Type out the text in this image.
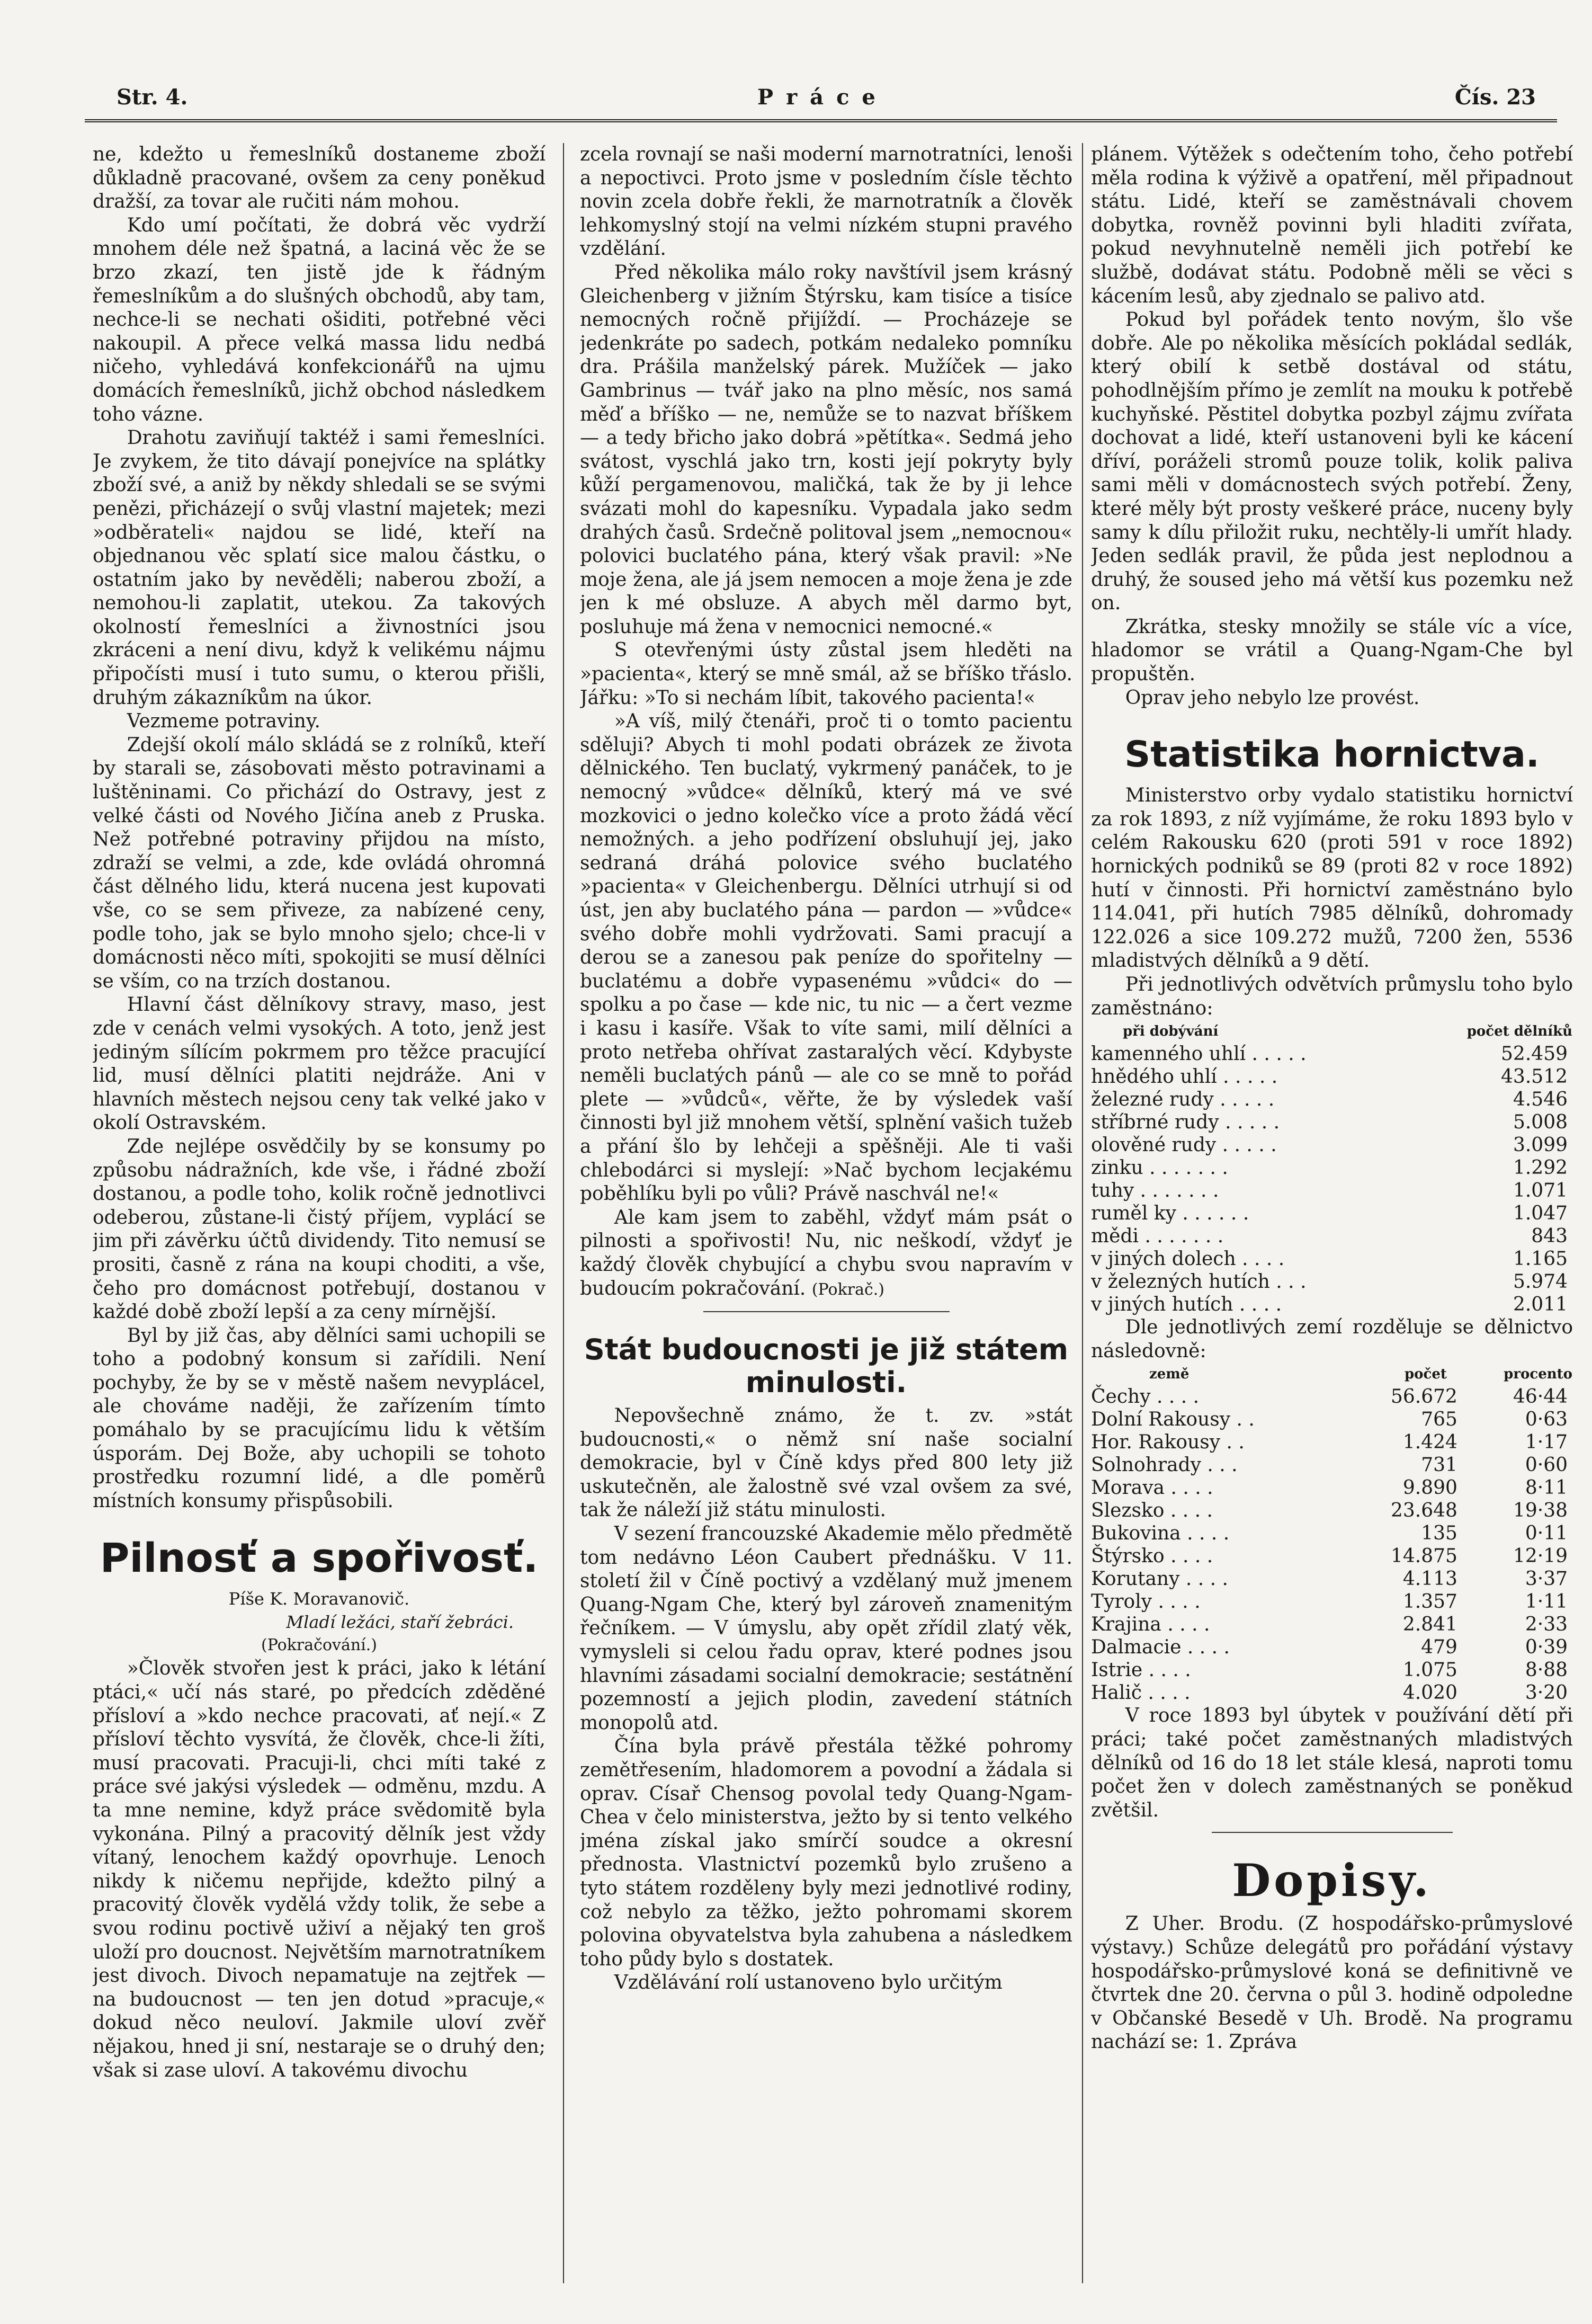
Str. 4.	Práce	Čís. 23

ne, kdežto u řemeslníků dostaneme zboží důkladně pracované, ovšem za ceny poněkud dražší, za tovar ale ručiti nám mohou.

Kdo umí počítati, že dobrá věc vydrží mnohem déle než špatná, a laciná věc že se brzo zkazí, ten jistě jde k řádným řemeslníkům a do slušných obchodů, aby tam, nechce-li se nechati ošiditi, potřebné věci nakoupil. A přece velká massa lidu nedbá ničeho, vyhledává konfekcionářů na ujmu domácích řemeslníků, jichž obchod následkem toho vázne.

Drahotu zaviňují taktéž i sami řemeslníci. Je zvykem, že tito dávají ponejvíce na splátky zboží své, a aniž by někdy shledali se se svými penězi, přicházejí o svůj vlastní majetek; mezi »odběrateli« najdou se lidé, kteří na objednanou věc splatí sice malou částku, o ostatním jako by nevěděli; naberou zboží, a nemohou-li zaplatit, utekou. Za takových okolností řemeslníci a živnostníci jsou zkráceni a není divu, když k velikému nájmu připočísti musí i tuto sumu, o kterou přišli, druhým zákazníkům na úkor.

Vezmeme potraviny.

Zdejší okolí málo skládá se z rolníků, kteří by starali se, zásobovati město potravinami a luštěninami. Co přichází do Ostravy, jest z velké části od Nového Jičína aneb z Pruska. Než potřebné potraviny přijdou na místo, zdraží se velmi, a zde, kde ovládá ohromná část dělného lidu, která nucena jest kupovati vše, co se sem přiveze, za nabízené ceny, podle toho, jak se bylo mnoho sjelo; chce-li v domácnosti něco míti, spokojiti se musí dělníci se vším, co na trzích dostanou.

Hlavní část dělníkovy stravy, maso, jest zde v cenách velmi vysokých. A toto, jenž jest jediným sílícím pokrmem pro těžce pracující lid, musí dělníci platiti nejdráže. Ani v hlavních městech nejsou ceny tak velké jako v okolí Ostravském.

Zde nejlépe osvědčily by se konsumy po způsobu nádražních, kde vše, i řádné zboží dostanou, a podle toho, kolik ročně jednotlivci odeberou, zůstane-li čistý příjem, vyplácí se jim při závěrku účtů dividendy. Tito nemusí se prositi, časně z rána na koupi choditi, a vše, čeho pro domácnost potřebují, dostanou v každé době zboží lepší a za ceny mírnější.

Byl by již čas, aby dělníci sami uchopili se toho a podobný konsum si zařídili. Není pochyby, že by se v městě našem nevyplácel, ale chováme naději, že zařízením tímto pomáhalo by se pracujícímu lidu k větším úsporám. Dej Bože, aby uchopili se tohoto prostředku rozumní lidé, a dle poměrů místních konsumy přispůsobili.

Pilnosť a spořivosť.
Píše K. Moravanovič.
Mladí ležáci, staří žebráci.
(Pokračování.)

»Člověk stvořen jest k práci, jako k létání ptáci,« učí nás staré, po předcích zděděné přísloví a »kdo nechce pracovati, ať nejí.« Z přísloví těchto vysvítá, že člověk, chce-li žíti, musí pracovati. Pracuji-li, chci míti také z práce své jakýsi výsledek — odměnu, mzdu. A ta mne nemine, když práce svědomitě byla vykonána. Pilný a pracovitý dělník jest vždy vítaný, lenochem každý opovrhuje. Lenoch nikdy k ničemu nepřijde, kdežto pilný a pracovitý člověk vydělá vždy tolik, že sebe a svou rodinu poctivě uživí a nějaký ten groš uloží pro doucnost. Největším marnotratníkem jest divoch. Divoch nepamatuje na zejtřek — na budoucnost — ten jen dotud »pracuje,« dokud něco neuloví. Jakmile uloví zvěř nějakou, hned ji sní, nestaraje se o druhý den; však si zase uloví. A takovému divochu

zcela rovnají se naši moderní marnotratníci, lenoši a nepoctivci. Proto jsme v posledním čísle těchto novin zcela dobře řekli, že marnotratník a člověk lehkomyslný stojí na velmi nízkém stupni pravého vzdělání.

Před několika málo roky navštívil jsem krásný Gleichenberg v jižním Štýrsku, kam tisíce a tisíce nemocných ročně přijíždí. — Procházeje se jedenkráte po sadech, potkám nedaleko pomníku dra. Prášila manželský párek. Mužíček — jako Gambrinus — tvář jako na plno měsíc, nos samá měď a bříško — ne, nemůže se to nazvat bříškem — a tedy břicho jako dobrá »pětítka«. Sedmá jeho svátost, vyschlá jako trn, kosti její pokryty byly kůží pergamenovou, maličká, tak že by ji lehce svázati mohl do kapesníku. Vypadala jako sedm drahých časů. Srdečně politoval jsem „nemocnou« polovici buclatého pána, který však pravil: »Ne moje žena, ale já jsem nemocen a moje žena je zde jen k mé obsluze. A abych měl darmo byt, posluhuje má žena v nemocnici nemocné.«

S otevřenými ústy zůstal jsem hleděti na »pacienta«, který se mně smál, až se bříško třáslo. Jářku: »To si nechám líbit, takového pacienta!«

»A víš, milý čtenáři, proč ti o tomto pacientu sděluji? Abych ti mohl podati obrázek ze života dělnického. Ten buclatý, vykrmený panáček, to je nemocný »vůdce« dělníků, který má ve své mozkovici o jedno kolečko více a proto žádá věcí nemožných. a jeho podřízení obsluhují jej, jako sedraná dráhá polovice svého buclatého »pacienta« v Gleichenbergu. Dělníci utrhují si od úst, jen aby buclatého pána — pardon — »vůdce« svého dobře mohli vydržovati. Sami pracují a derou se a zanesou pak peníze do spořitelny — buclatému a dobře vypasenému »vůdci« do — spolku a po čase — kde nic, tu nic — a čert vezme i kasu i kasíře. Však to víte sami, milí dělníci a proto netřeba ohřívat zastaralých věcí. Kdybyste neměli buclatých pánů — ale co se mně to pořád plete — »vůdců«, věřte, že by výsledek vaší činnosti byl již mnohem větší, splnění vašich tužeb a přání šlo by lehčeji a spěšněji. Ale ti vaši chlebodárci si myslejí: »Nač bychom lecjakému poběhlíku byli po vůli? Právě naschvál ne!«

Ale kam jsem to zaběhl, vždyť mám psát o pilnosti a spořivosti! Nu, nic neškodí, vždyť je každý člověk chybující a chybu svou napravím v budoucím pokračování. (Pokrač.)

Stát budoucnosti je již státem minulosti.

Nepovšechně známo, že t. zv. »stát budoucnosti,« o němž sní naše socialní demokracie, byl v Číně kdys před 800 lety již uskutečněn, ale žalostně své vzal ovšem za své, tak že náleží již státu minulosti.

V sezení francouzské Akademie mělo předmětě tom nedávno Léon Caubert přednášku. V 11. století žil v Číně poctivý a vzdělaný muž jmenem Quang-Ngam Che, který byl zároveň znamenitým řečníkem. — V úmyslu, aby opět zřídil zlatý věk, vymysleli si celou řadu oprav, které podnes jsou hlavními zásadami socialní demokracie; sestátnění pozemností a jejich plodin, zavedení státních monopolů atd.

Čína byla právě přestála těžké pohromy zemětřesením, hladomorem a povodní a žádala si oprav. Císař Chensog povolal tedy Quang-Ngam-Chea v čelo ministerstva, ježto by si tento velkého jména získal jako smírčí soudce a okresní přednosta. Vlastnictví pozemků bylo zrušeno a tyto státem rozděleny byly mezi jednotlivé rodiny, což nebylo za těžko, ježto pohromami skorem polovina obyvatelstva byla zahubena a následkem toho půdy bylo s dostatek.

Vzdělávání rolí ustanoveno bylo určitým

plánem. Výtěžek s odečtením toho, čeho potřebí měla rodina k výživě a opatření, měl připadnout státu. Lidé, kteří se zaměstnávali chovem dobytka, rovněž povinni byli hladiti zvířata, pokud nevyhnutelně neměli jich potřebí ke službě, dodávat státu. Podobně měli se věci s kácením lesů, aby zjednalo se palivo atd.

Pokud byl pořádek tento novým, šlo vše dobře. Ale po několika měsících pokládal sedlák, který obilí k setbě dostával od státu, pohodlnějším přímo je zemlít na mouku k potřebě kuchyňské. Pěstitel dobytka pozbyl zájmu zvířata dochovat a lidé, kteří ustanoveni byli ke kácení dříví, poráželi stromů pouze tolik, kolik paliva sami měli v domácnostech svých potřebí. Ženy, které měly být prosty veškeré práce, nuceny byly samy k dílu přiložit ruku, nechtěly-li umřít hlady. Jeden sedlák pravil, že půda jest neplodnou a druhý, že soused jeho má větší kus pozemku než on.

Zkrátka, stesky množily se stále víc a více, hladomor se vrátil a Quang-Ngam-Che byl propuštěn.

Oprav jeho nebylo lze provést.

Statistika hornictva.

Ministerstvo orby vydalo statistiku hornictví za rok 1893, z níž vyjímáme, že roku 1893 bylo v celém Rakousku 620 (proti 591 v roce 1892) hornických podniků se 89 (proti 82 v roce 1892) hutí v činnosti. Při hornictví zaměstnáno bylo 114.041, při hutích 7985 dělníků, dohromady 122.026 a sice 109.272 mužů, 7200 žen, 5536 mladistvých dělníků a 9 dětí.

Při jednotlivých odvětvích průmyslu toho bylo zaměstnáno:

při dobývání	počet dělníků
kamenného uhlí . . . . .	52.459
hnědého uhlí . . . . .	43.512
železné rudy . . . . .	4.546
stříbrné rudy . . . . .	5.008
olověné rudy . . . . .	3.099
zinku . . . . . . .	1.292
tuhy . . . . . . .	1.071
ruměl ky . . . . . .	1.047
mědi . . . . . . .	843
v jiných dolech . . . .	1.165
v železných hutích . . .	5.974
v jiných hutích . . . .	2.011

Dle jednotlivých zemí rozděluje se dělnictvo následovně:

země	počet	procento
Čechy . . . .	56.672	46·44
Dolní Rakousy . .	765	0·63
Hor. Rakousy . .	1.424	1·17
Solnohrady . . .	731	0·60
Morava . . . .	9.890	8·11
Slezsko . . . .	23.648	19·38
Bukovina . . . .	135	0·11
Štýrsko . . . .	14.875	12·19
Korutany . . . .	4.113	3·37
Tyroly . . . .	1.357	1·11
Krajina . . . .	2.841	2·33
Dalmacie . . . .	479	0·39
Istrie . . . .	1.075	8·88
Halič . . . .	4.020	3·20

V roce 1893 byl úbytek v používání dětí při práci; také počet zaměstnaných mladistvých dělníků od 16 do 18 let stále klesá, naproti tomu počet žen v dolech zaměstnaných se poněkud zvětšil.

Dopisy.

Z Uher. Brodu. (Z hospodářsko-průmyslové výstavy.) Schůze delegátů pro pořádání výstavy hospodářsko-průmyslové koná se definitivně ve čtvrtek dne 20. června o půl 3. hodině odpoledne v Občanské Besedě v Uh. Brodě. Na programu nachází se: 1. Zpráva
